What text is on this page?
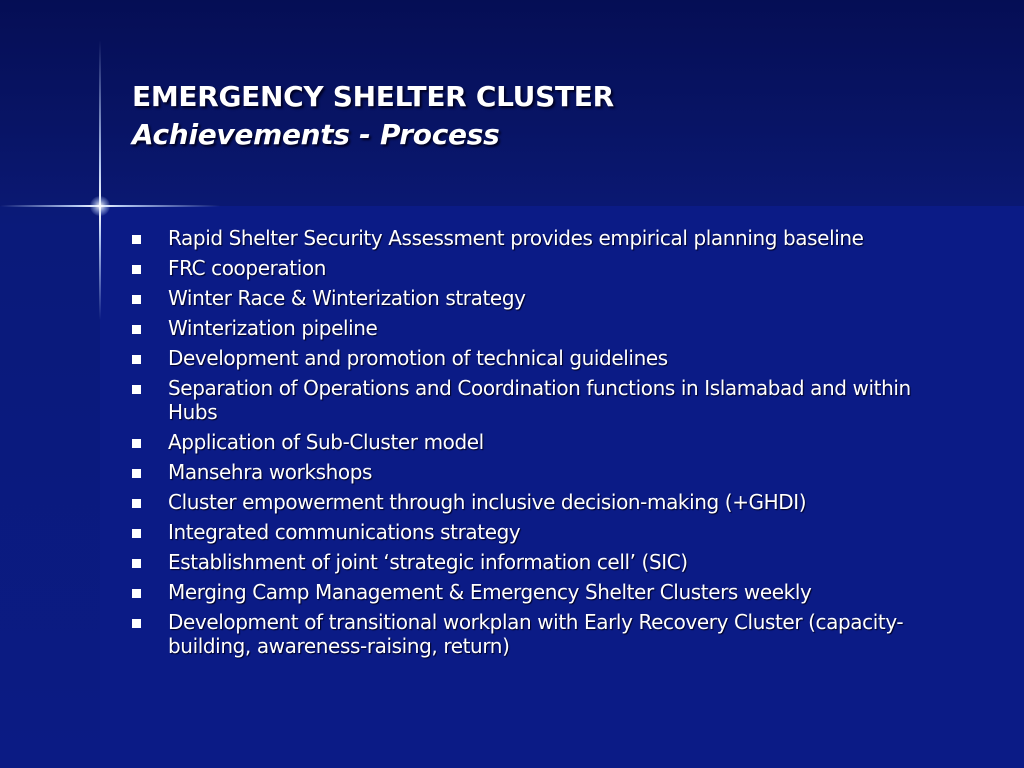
EMERGENCY SHELTER CLUSTER
Achievements - Process
Rapid Shelter Security Assessment provides empirical planning baseline
FRC cooperation
Winter Race & Winterization strategy
Winterization pipeline
Development and promotion of technical guidelines
Separation of Operations and Coordination functions in Islamabad and within Hubs
Application of Sub-Cluster model
Mansehra workshops
Cluster empowerment through inclusive decision-making (+GHDI)
Integrated communications strategy
Establishment of joint ‘strategic information cell’ (SIC)
Merging Camp Management & Emergency Shelter Clusters weekly
Development of transitional workplan with Early Recovery Cluster (capacity-building, awareness-raising, return)
